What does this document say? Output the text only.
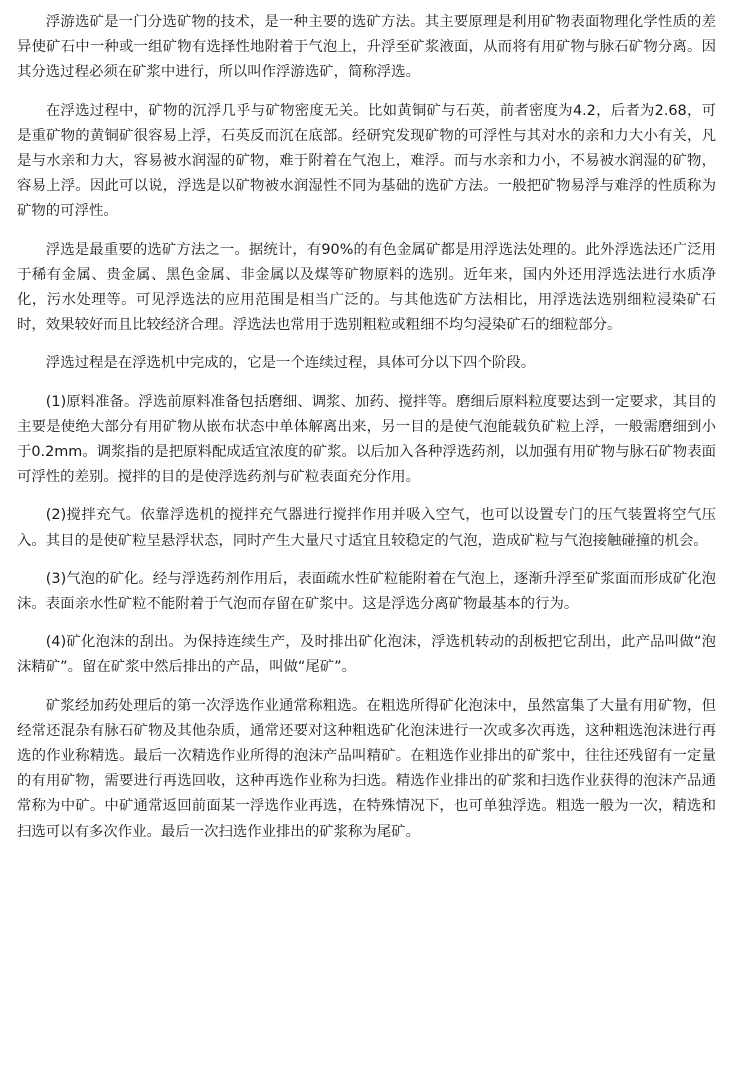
浮游选矿是一门分选矿物的技术，是一种主要的选矿方法。其主要原理是利用矿物表面物理化学性质的差异使矿石中一种或一组矿物有选择性地附着于气泡上，升浮至矿浆液面，从而将有用矿物与脉石矿物分离。因其分选过程必须在矿浆中进行，所以叫作浮游选矿，简称浮选。

在浮选过程中，矿物的沉浮几乎与矿物密度无关。比如黄铜矿与石英，前者密度为4.2，后者为2.68，可是重矿物的黄铜矿很容易上浮，石英反而沉在底部。经研究发现矿物的可浮性与其对水的亲和力大小有关，凡是与水亲和力大，容易被水润湿的矿物，难于附着在气泡上，难浮。而与水亲和力小，不易被水润湿的矿物，容易上浮。因此可以说，浮选是以矿物被水润湿性不同为基础的选矿方法。一般把矿物易浮与难浮的性质称为矿物的可浮性。

浮选是最重要的选矿方法之一。据统计，有90%的有色金属矿都是用浮选法处理的。此外浮选法还广泛用于稀有金属、贵金属、黑色金属、非金属以及煤等矿物原料的选别。近年来，国内外还用浮选法进行水质净化，污水处理等。可见浮选法的应用范围是相当广泛的。与其他选矿方法相比，用浮选法选别细粒浸染矿石时，效果较好而且比较经济合理。浮选法也常用于选别粗粒或粗细不均匀浸染矿石的细粒部分。

浮选过程是在浮选机中完成的，它是一个连续过程，具体可分以下四个阶段。

(1)原料准备。浮选前原料准备包括磨细、调浆、加药、搅拌等。磨细后原料粒度要达到一定要求，其目的主要是使绝大部分有用矿物从嵌布状态中单体解离出来，另一目的是使气泡能载负矿粒上浮，一般需磨细到小于0.2mm。调浆指的是把原料配成适宜浓度的矿浆。以后加入各种浮选药剂，以加强有用矿物与脉石矿物表面可浮性的差别。搅拌的目的是使浮选药剂与矿粒表面充分作用。

(2)搅拌充气。依靠浮选机的搅拌充气器进行搅拌作用并吸入空气，也可以设置专门的压气装置将空气压入。其目的是使矿粒呈悬浮状态，同时产生大量尺寸适宜且较稳定的气泡，造成矿粒与气泡接触碰撞的机会。

(3)气泡的矿化。经与浮选药剂作用后，表面疏水性矿粒能附着在气泡上，逐渐升浮至矿浆面而形成矿化泡沫。表面亲水性矿粒不能附着于气泡而存留在矿浆中。这是浮选分离矿物最基本的行为。

(4)矿化泡沫的刮出。为保持连续生产，及时排出矿化泡沫，浮选机转动的刮板把它刮出，此产品叫做“泡沫精矿”。留在矿浆中然后排出的产品，叫做“尾矿”。

矿浆经加药处理后的第一次浮选作业通常称粗选。在粗选所得矿化泡沫中，虽然富集了大量有用矿物，但经常还混杂有脉石矿物及其他杂质，通常还要对这种粗选矿化泡沫进行一次或多次再选，这种粗选泡沫进行再选的作业称精选。最后一次精选作业所得的泡沫产品叫精矿。在粗选作业排出的矿浆中，往往还残留有一定量的有用矿物，需要进行再选回收，这种再选作业称为扫选。精选作业排出的矿浆和扫选作业获得的泡沫产品通常称为中矿。中矿通常返回前面某一浮选作业再选，在特殊情况下，也可单独浮选。粗选一般为一次，精选和扫选可以有多次作业。最后一次扫选作业排出的矿浆称为尾矿。
